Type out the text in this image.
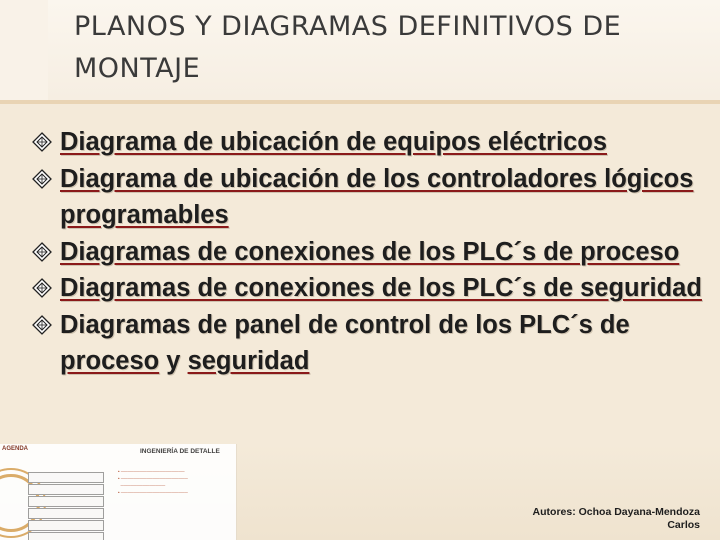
PLANOS Y DIAGRAMAS DEFINITIVOS DE MONTAJE
Diagrama de ubicación de equipos eléctricos
Diagrama de ubicación de los controladores lógicos programables
Diagramas de conexiones de los PLC´s de proceso
Diagramas de conexiones de los PLC´s de seguridad
Diagramas de panel de control de los PLC´s de proceso y seguridad
AGENDA	INGENIERÍA DE DETALLE
• ────────────────────
• ─────────────────────
──────────────
• ─────────────────────
Autores: Ochoa Dayana-Mendoza
Carlos
